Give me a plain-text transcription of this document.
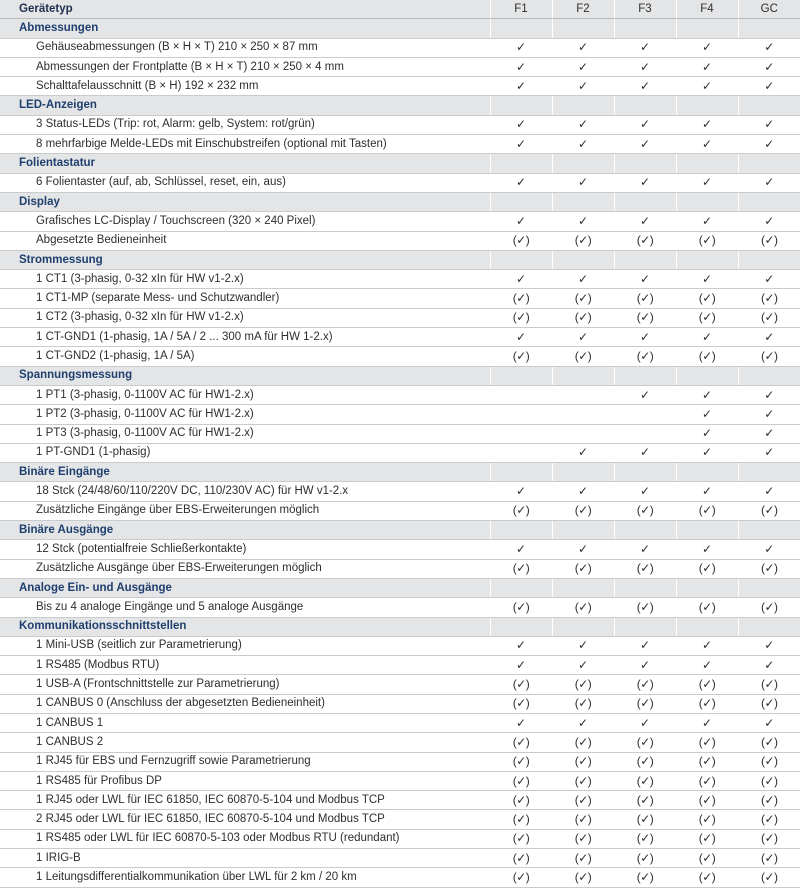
Gerätetyp	F1	F2	F3	F4	GC
Abmessungen					
Gehäuseabmessungen (B × H × T) 210 × 250 × 87 mm	✓	✓	✓	✓	✓
Abmessungen der Frontplatte (B × H × T) 210 × 250 × 4 mm	✓	✓	✓	✓	✓
Schalttafelausschnitt (B × H) 192 × 232 mm	✓	✓	✓	✓	✓
LED-Anzeigen					
3 Status-LEDs (Trip: rot, Alarm: gelb, System: rot/grün)	✓	✓	✓	✓	✓
8 mehrfarbige Melde-LEDs mit Einschubstreifen (optional mit Tasten)	✓	✓	✓	✓	✓
Folientastatur					
6 Folientaster (auf, ab, Schlüssel, reset, ein, aus)	✓	✓	✓	✓	✓
Display					
Grafisches LC-Display / Touchscreen (320 × 240 Pixel)	✓	✓	✓	✓	✓
Abgesetzte Bedieneinheit	(✓)	(✓)	(✓)	(✓)	(✓)
Strommessung					
1 CT1 (3-phasig, 0-32 xIn für HW v1-2.x)	✓	✓	✓	✓	✓
1 CT1-MP (separate Mess- und Schutzwandler)	(✓)	(✓)	(✓)	(✓)	(✓)
1 CT2 (3-phasig, 0-32 xIn für HW v1-2.x)	(✓)	(✓)	(✓)	(✓)	(✓)
1 CT-GND1 (1-phasig, 1A / 5A / 2 ... 300 mA für HW 1-2.x)	✓	✓	✓	✓	✓
1 CT-GND2 (1-phasig, 1A / 5A)	(✓)	(✓)	(✓)	(✓)	(✓)
Spannungsmessung					
1 PT1 (3-phasig, 0-1100V AC für HW1-2.x)			✓	✓	✓
1 PT2 (3-phasig, 0-1100V AC für HW1-2.x)				✓	✓
1 PT3 (3-phasig, 0-1100V AC für HW1-2.x)				✓	✓
1 PT-GND1 (1-phasig)		✓	✓	✓	✓
Binäre Eingänge					
18 Stck (24/48/60/110/220V DC, 110/230V AC) für HW v1-2.x	✓	✓	✓	✓	✓
Zusätzliche Eingänge über EBS-Erweiterungen möglich	(✓)	(✓)	(✓)	(✓)	(✓)
Binäre Ausgänge					
12 Stck (potentialfreie Schließerkontakte)	✓	✓	✓	✓	✓
Zusätzliche Ausgänge über EBS-Erweiterungen möglich	(✓)	(✓)	(✓)	(✓)	(✓)
Analoge Ein- und Ausgänge					
Bis zu 4 analoge Eingänge und 5 analoge Ausgänge	(✓)	(✓)	(✓)	(✓)	(✓)
Kommunikationsschnittstellen					
1 Mini-USB (seitlich zur Parametrierung)	✓	✓	✓	✓	✓
1 RS485 (Modbus RTU)	✓	✓	✓	✓	✓
1 USB-A (Frontschnittstelle zur Parametrierung)	(✓)	(✓)	(✓)	(✓)	(✓)
1 CANBUS 0 (Anschluss der abgesetzten Bedieneinheit)	(✓)	(✓)	(✓)	(✓)	(✓)
1 CANBUS 1	✓	✓	✓	✓	✓
1 CANBUS 2	(✓)	(✓)	(✓)	(✓)	(✓)
1 RJ45 für EBS und Fernzugriff sowie Parametrierung	(✓)	(✓)	(✓)	(✓)	(✓)
1 RS485 für Profibus DP	(✓)	(✓)	(✓)	(✓)	(✓)
1 RJ45 oder LWL für IEC 61850, IEC 60870-5-104 und Modbus TCP	(✓)	(✓)	(✓)	(✓)	(✓)
2 RJ45 oder LWL für IEC 61850, IEC 60870-5-104 und Modbus TCP	(✓)	(✓)	(✓)	(✓)	(✓)
1 RS485 oder LWL für IEC 60870-5-103 oder Modbus RTU (redundant)	(✓)	(✓)	(✓)	(✓)	(✓)
1 IRIG-B	(✓)	(✓)	(✓)	(✓)	(✓)
1 Leitungsdifferentialkommunikation über LWL für 2 km / 20 km	(✓)	(✓)	(✓)	(✓)	(✓)
